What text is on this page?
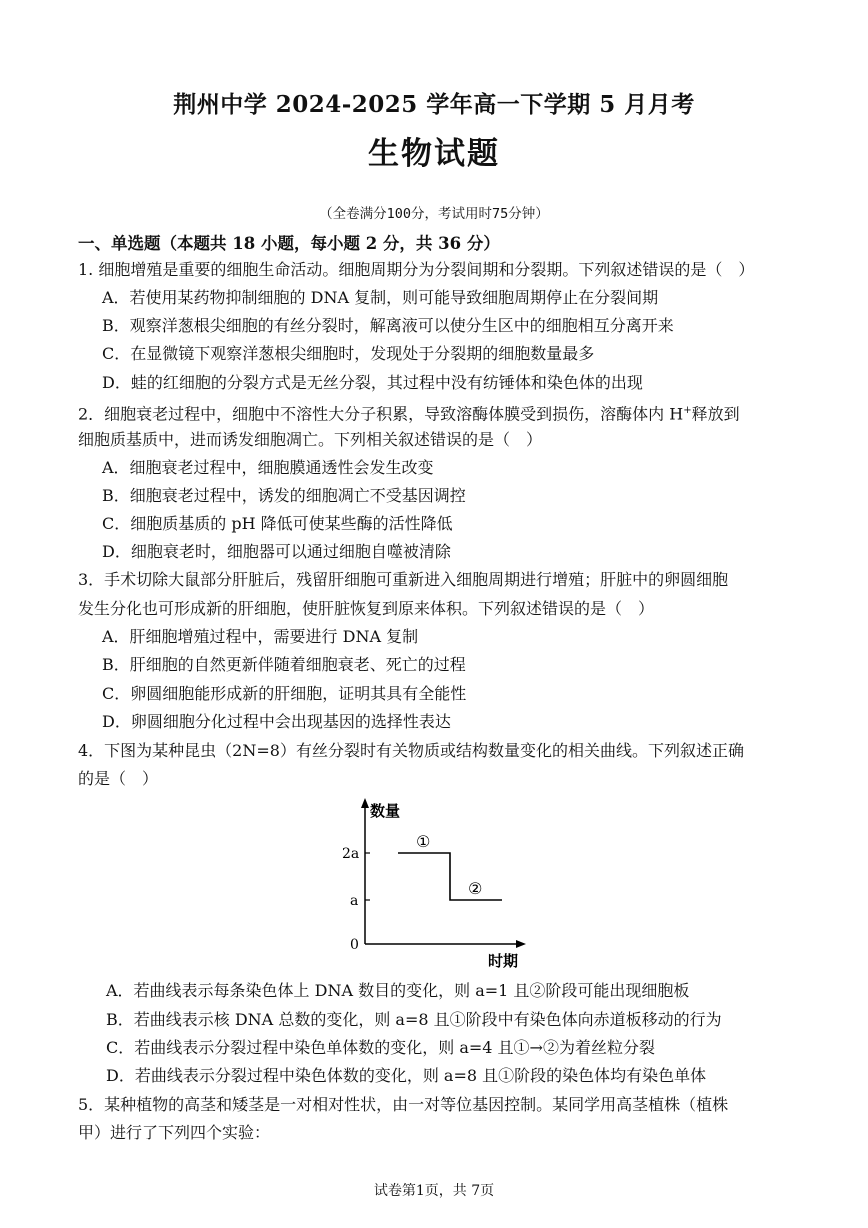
荆州中学 2024-2025 学年高一下学期 5 月月考
生物试题
（全卷满分100分，考试用时75分钟）
一、单选题（本题共 18 小题，每小题 2 分，共 36 分）
1. 细胞增殖是重要的细胞生命活动。细胞周期分为分裂间期和分裂期。下列叙述错误的是（　）
A．若使用某药物抑制细胞的 DNA 复制，则可能导致细胞周期停止在分裂间期
B．观察洋葱根尖细胞的有丝分裂时，解离液可以使分生区中的细胞相互分离开来
C．在显微镜下观察洋葱根尖细胞时，发现处于分裂期的细胞数量最多
D．蛙的红细胞的分裂方式是无丝分裂，其过程中没有纺锤体和染色体的出现
2．细胞衰老过程中，细胞中不溶性大分子积累，导致溶酶体膜受到损伤，溶酶体内 H+释放到
细胞质基质中，进而诱发细胞凋亡。下列相关叙述错误的是（　）
A．细胞衰老过程中，细胞膜通透性会发生改变
B．细胞衰老过程中，诱发的细胞凋亡不受基因调控
C．细胞质基质的 pH 降低可使某些酶的活性降低
D．细胞衰老时，细胞器可以通过细胞自噬被清除
3．手术切除大鼠部分肝脏后，残留肝细胞可重新进入细胞周期进行增殖；肝脏中的卵圆细胞
发生分化也可形成新的肝细胞，使肝脏恢复到原来体积。下列叙述错误的是（　）
A．肝细胞增殖过程中，需要进行 DNA 复制
B．肝细胞的自然更新伴随着细胞衰老、死亡的过程
C．卵圆细胞能形成新的肝细胞，证明其具有全能性
D．卵圆细胞分化过程中会出现基因的选择性表达
4．下图为某种昆虫（2N=8）有丝分裂时有关物质或结构数量变化的相关曲线。下列叙述正确
的是（　）
2a
a
0
数量
时期
①
②
A．若曲线表示每条染色体上 DNA 数目的变化，则 a=1 且②阶段可能出现细胞板
B．若曲线表示核 DNA 总数的变化，则 a=8 且①阶段中有染色体向赤道板移动的行为
C．若曲线表示分裂过程中染色单体数的变化，则 a=4 且①→②为着丝粒分裂
D．若曲线表示分裂过程中染色体数的变化，则 a=8 且①阶段的染色体均有染色单体
5．某种植物的高茎和矮茎是一对相对性状，由一对等位基因控制。某同学用高茎植株（植株
甲）进行了下列四个实验：
试卷第1页，共 7页
